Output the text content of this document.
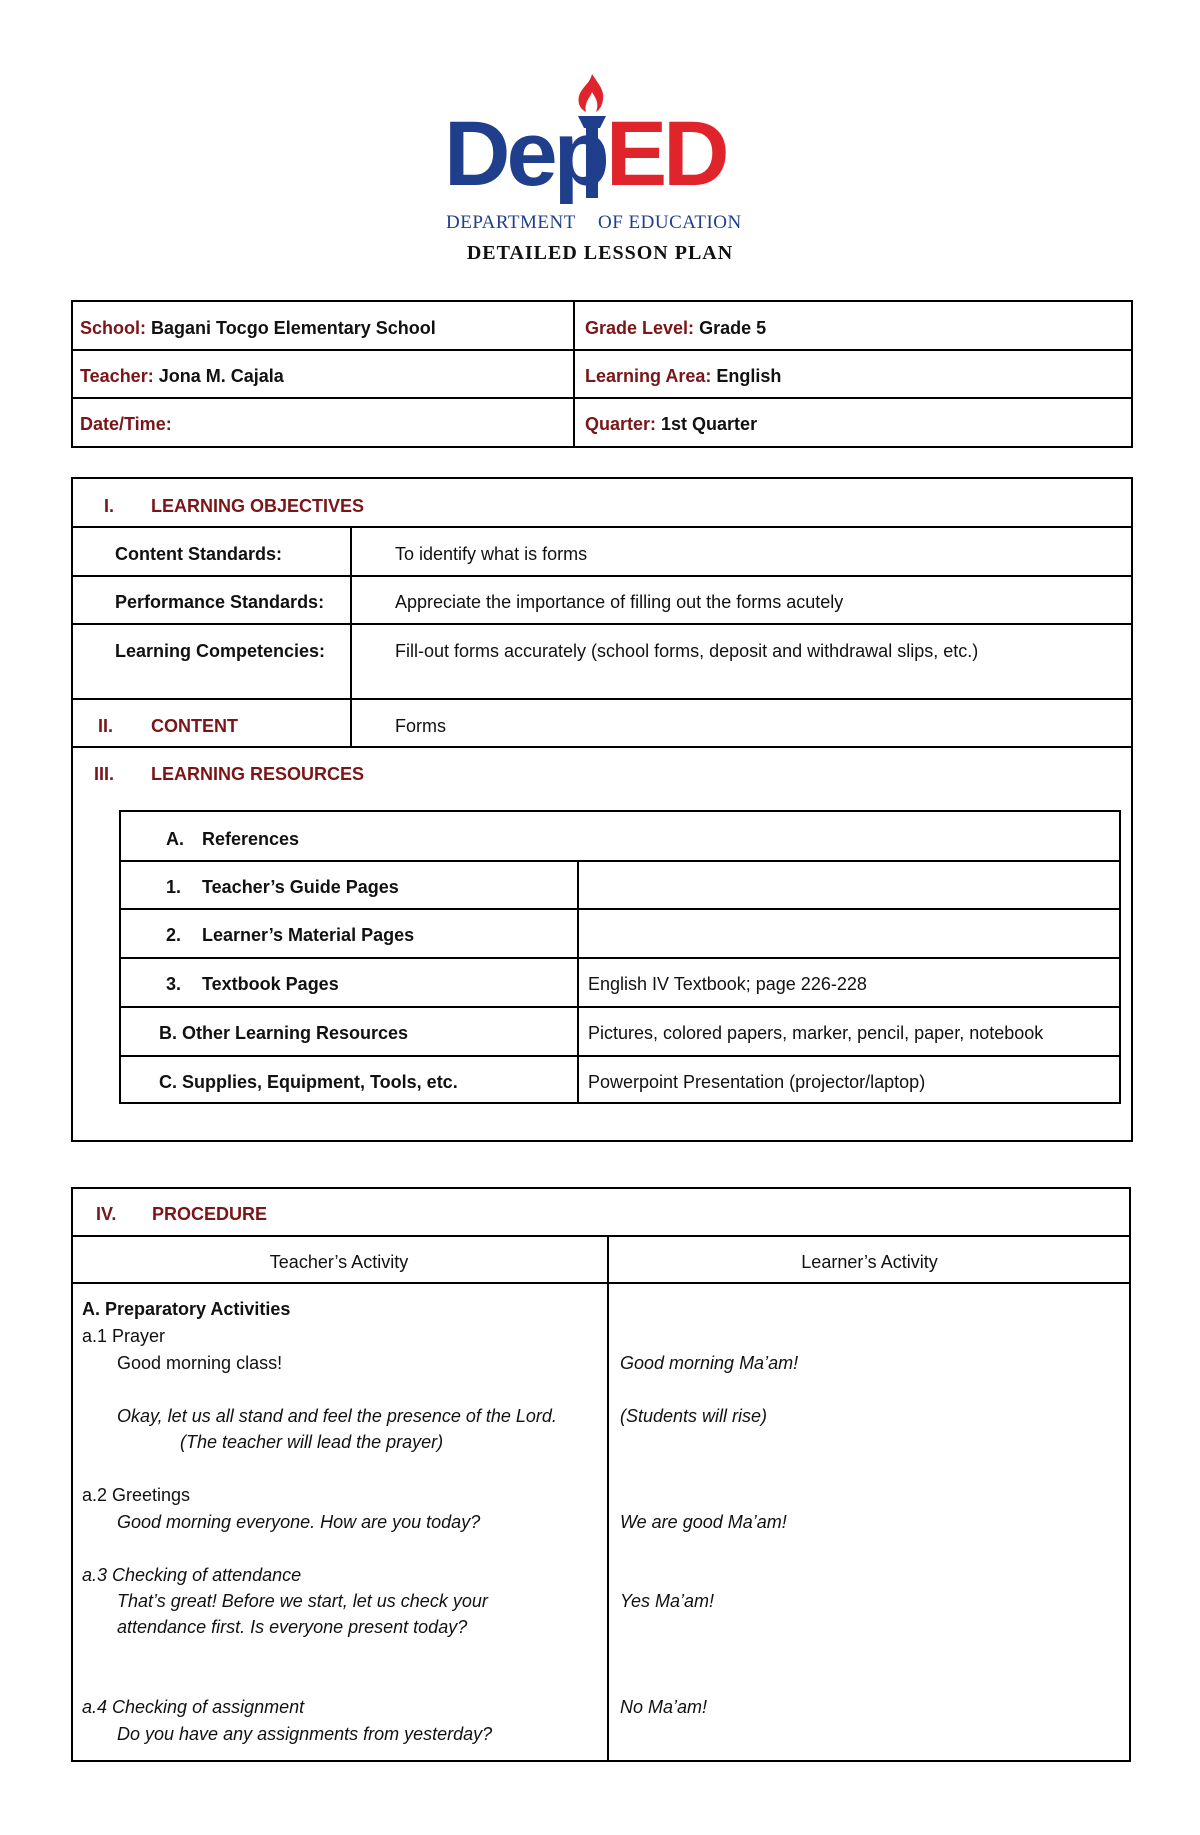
DepED
DEPARTMENT OF EDUCATION
DETAILED LESSON PLAN
School: Bagani Tocgo Elementary School	Grade Level: Grade 5
Teacher: Jona M. Cajala	Learning Area: English
Date/Time:	Quarter: 1st Quarter
I. LEARNING OBJECTIVES
Content Standards:	To identify what is forms
Performance Standards:	Appreciate the importance of filling out the forms acutely
Learning Competencies:	Fill-out forms accurately (school forms, deposit and withdrawal slips, etc.)
II. CONTENT	Forms
III. LEARNING RESOURCES
A. References
1. Teacher’s Guide Pages
2. Learner’s Material Pages
3. Textbook Pages	English IV Textbook; page 226-228
B. Other Learning Resources	Pictures, colored papers, marker, pencil, paper, notebook
C. Supplies, Equipment, Tools, etc.	Powerpoint Presentation (projector/laptop)
IV. PROCEDURE
Teacher’s Activity	Learner’s Activity
A. Preparatory Activities
a.1 Prayer
Good morning class!	Good morning Ma’am!
Okay, let us all stand and feel the presence of the Lord.	(Students will rise)
(The teacher will lead the prayer)
a.2 Greetings
Good morning everyone. How are you today?	We are good Ma’am!
a.3 Checking of attendance
That’s great! Before we start, let us check your	Yes Ma’am!
attendance first. Is everyone present today?
a.4 Checking of assignment	No Ma’am!
Do you have any assignments from yesterday?
